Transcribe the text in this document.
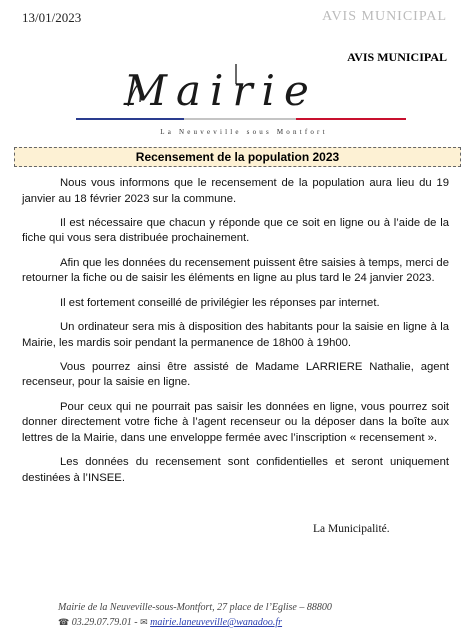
13/01/2023	AVIS MUNICIPAL
AVIS MUNICIPAL
Mairie
La Neuveville sous Montfort
Recensement de la population 2023

Nous vous informons que le recensement de la population aura lieu du 19 janvier au 18 février 2023 sur la commune.

Il est nécessaire que chacun y réponde que ce soit en ligne ou à l’aide de la fiche qui vous sera distribuée prochainement.

Afin que les données du recensement puissent être saisies à temps, merci de retourner la fiche ou de saisir les éléments en ligne au plus tard le 24 janvier 2023.

Il est fortement conseillé de privilégier les réponses par internet.

Un ordinateur sera mis à disposition des habitants pour la saisie en ligne à la Mairie, les mardis soir pendant la permanence de 18h00 à 19h00.

Vous pourrez ainsi être assisté de Madame LARRIERE Nathalie, agent recenseur, pour la saisie en ligne.

Pour ceux qui ne pourrait pas saisir les données en ligne, vous pourrez soit donner directement votre fiche à l’agent recenseur ou la déposer dans la boîte aux lettres de la Mairie, dans une enveloppe fermée avec l’inscription « recensement ».

Les données du recensement sont confidentielles et seront uniquement destinées à l’INSEE.

La Municipalité.
Mairie de la Neuveville-sous-Montfort, 27 place de l’Eglise – 88800
☎ 03.29.07.79.01 - ✉ mairie.laneuveville@wanadoo.fr
